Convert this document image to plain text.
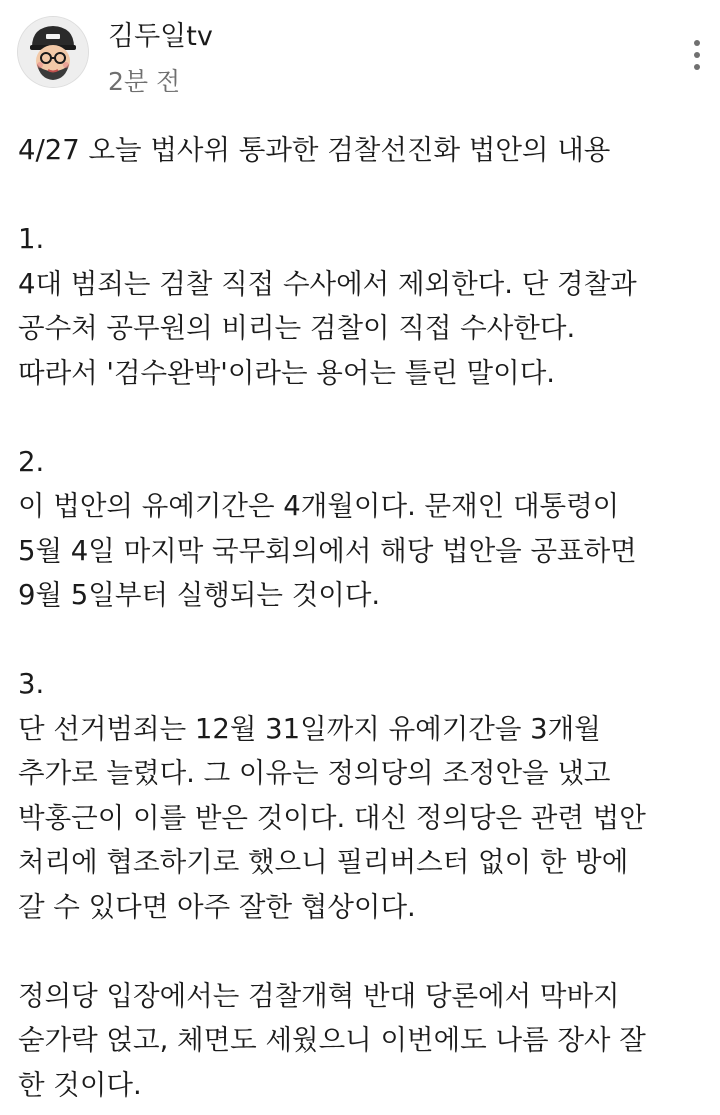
김두일tv
2분 전
4/27 오늘 법사위 통과한 검찰선진화 법안의 내용
1.
4대 범죄는 검찰 직접 수사에서 제외한다. 단 경찰과
공수처 공무원의 비리는 검찰이 직접 수사한다.
따라서 '검수완박'이라는 용어는 틀린 말이다.
2.
이 법안의 유예기간은 4개월이다. 문재인 대통령이
5월 4일 마지막 국무회의에서 해당 법안을 공표하면
9월 5일부터 실행되는 것이다.
3.
단 선거범죄는 12월 31일까지 유예기간을 3개월
추가로 늘렸다. 그 이유는 정의당의 조정안을 냈고
박홍근이 이를 받은 것이다. 대신 정의당은 관련 법안
처리에 협조하기로 했으니 필리버스터 없이 한 방에
갈 수 있다면 아주 잘한 협상이다.
정의당 입장에서는 검찰개혁 반대 당론에서 막바지
숟가락 얹고, 체면도 세웠으니 이번에도 나름 장사 잘
한 것이다.
